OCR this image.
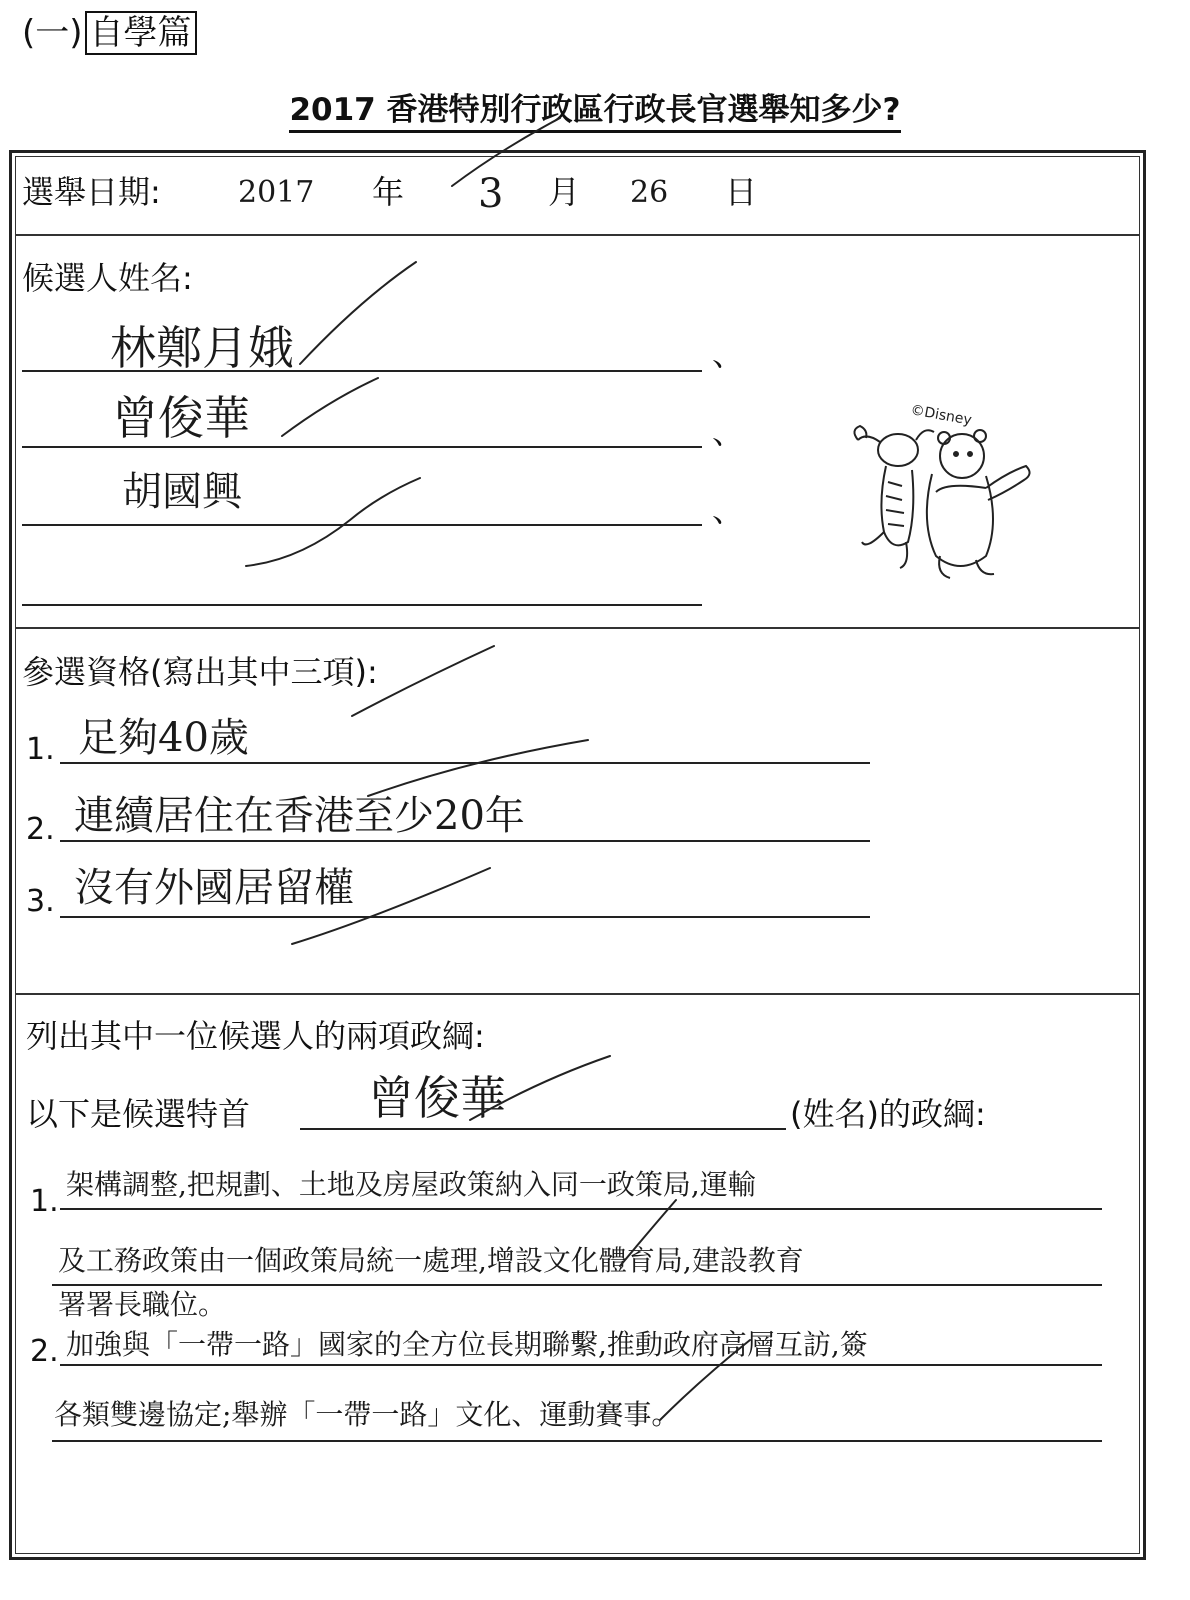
(一) 自學篇
2017 香港特別行政區行政長官選舉知多少?
選舉日期:	2017 年 3 月 26 日
候選人姓名:
林鄭月娥	、
曾俊華	、
胡國興	、
©Disney
參選資格(寫出其中三項):
1. 足夠40歲
2. 連續居住在香港至少20年
3. 沒有外國居留權
列出其中一位候選人的兩項政綱:
以下是候選特首	曾俊華	(姓名)的政綱:
1. 架構調整,把規劃、土地及房屋政策納入同一政策局,運輸
及工務政策由一個政策局統一處理,增設文化體育局,建設教育
署署長職位。
2. 加強與「一帶一路」國家的全方位長期聯繫,推動政府高層互訪,簽
各類雙邊協定;舉辦「一帶一路」文化、運動賽事。
